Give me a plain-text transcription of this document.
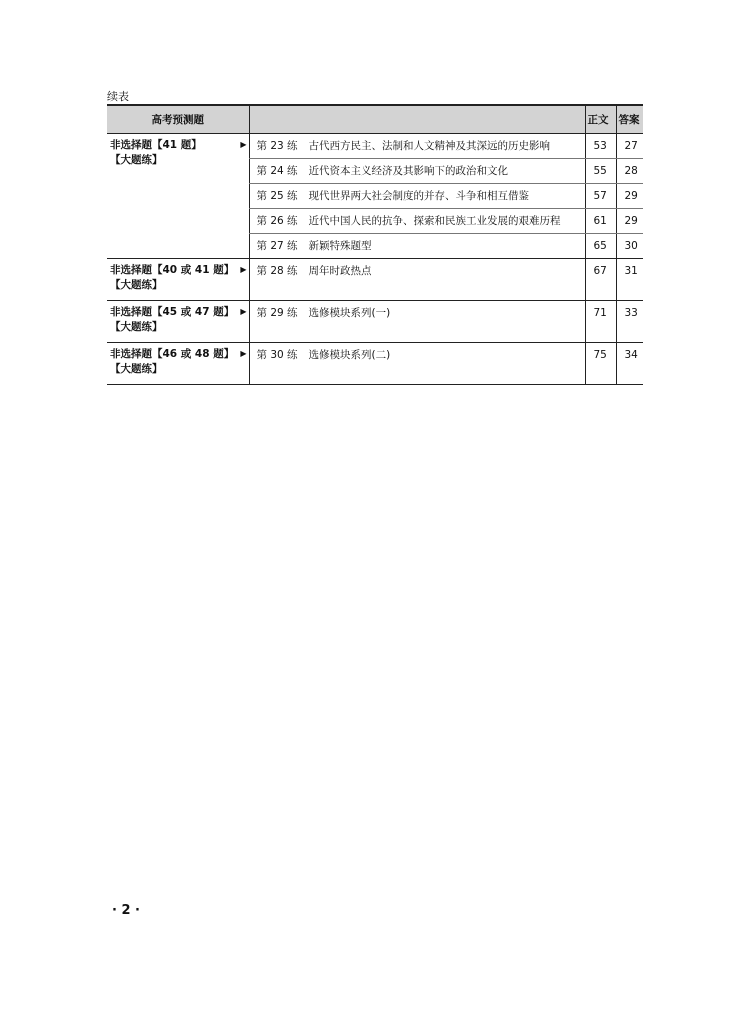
续表
高考预测题		正文	答案

非选择题【41 题】
【大题练】
▶	第 23 练 古代西方民主、法制和人文精神及其深远的历史影响	53	27
	第 24 练 近代资本主义经济及其影响下的政治和文化	55	28
	第 25 练 现代世界两大社会制度的并存、斗争和相互借鉴	57	29
	第 26 练 近代中国人民的抗争、探索和民族工业发展的艰难历程	61	29
	第 27 练 新颖特殊题型	65	30

非选择题【40 或 41 题】
【大题练】
▶	第 28 练 周年时政热点	67	31

非选择题【45 或 47 题】
【大题练】
▶	第 29 练 选修模块系列(一)	71	33

非选择题【46 或 48 题】
【大题练】
▶	第 30 练 选修模块系列(二)	75	34
· 2 ·
